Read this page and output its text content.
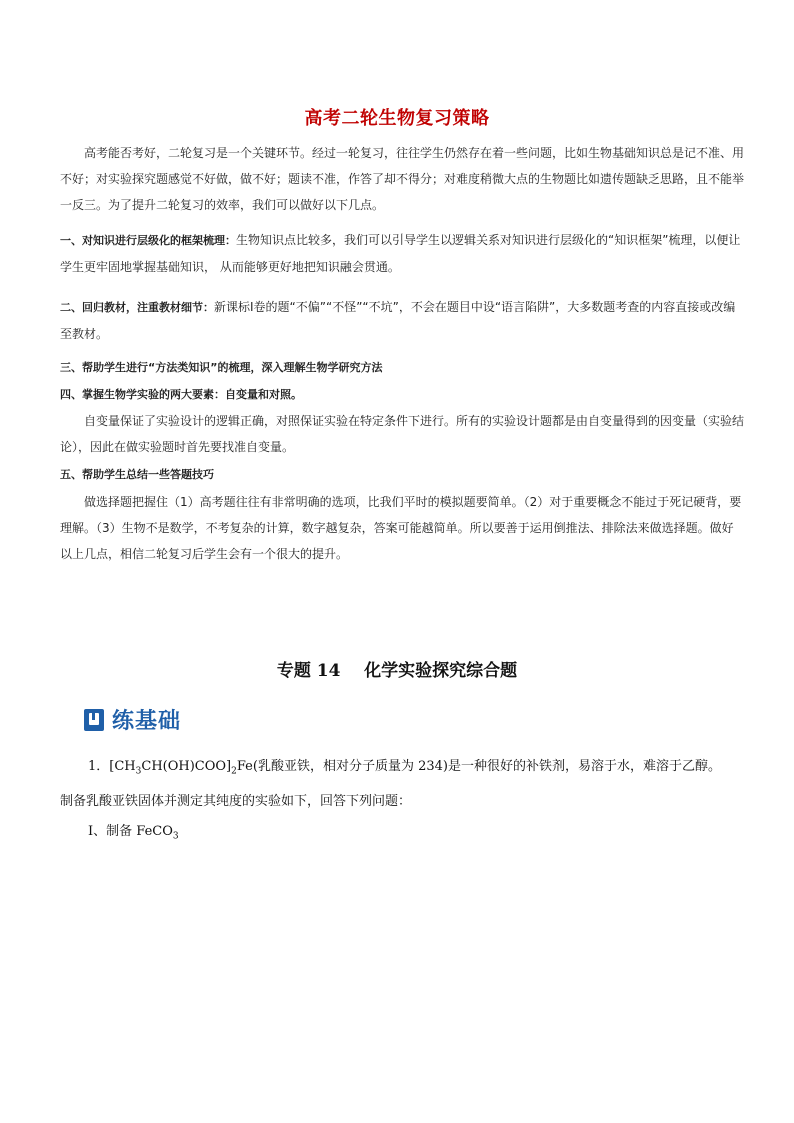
高考二轮生物复习策略
高考能否考好，二轮复习是一个关键环节。经过一轮复习，往往学生仍然存在着一些问题，比如生物基础知识总是记不准、用不好；对实验探究题感觉不好做，做不好；题读不准，作答了却不得分；对难度稍微大点的生物题比如遗传题缺乏思路，且不能举一反三。为了提升二轮复习的效率，我们可以做好以下几点。
一、对知识进行层级化的框架梳理：生物知识点比较多，我们可以引导学生以逻辑关系对知识进行层级化的“知识框架”梳理，以便让学生更牢固地掌握基础知识， 从而能够更好地把知识融会贯通。
二、回归教材，注重教材细节：新课标Ⅰ卷的题“不偏”“不怪”“不坑”，不会在题目中设“语言陷阱”，大多数题考查的内容直接或改编至教材。
三、帮助学生进行“方法类知识”的梳理，深入理解生物学研究方法
四、掌握生物学实验的两大要素：自变量和对照。
自变量保证了实验设计的逻辑正确，对照保证实验在特定条件下进行。所有的实验设计题都是由自变量得到的因变量（实验结论），因此在做实验题时首先要找准自变量。
五、帮助学生总结一些答题技巧
做选择题把握住（1）高考题往往有非常明确的选项，比我们平时的模拟题要简单。（2）对于重要概念不能过于死记硬背，要理解。（3）生物不是数学，不考复杂的计算，数字越复杂，答案可能越简单。所以要善于运用倒推法、排除法来做选择题。做好以上几点，相信二轮复习后学生会有一个很大的提升。
专题 14    化学实验探究综合题
练基础
1．$[CH_3CH(OH)COO]_2Fe$(乳酸亚铁，相对分子质量为 234)是一种很好的补铁剂，易溶于水，难溶于乙醇。
制备乳酸亚铁固体并测定其纯度的实验如下，回答下列问题：
Ⅰ、制备 FeCO$_3$
